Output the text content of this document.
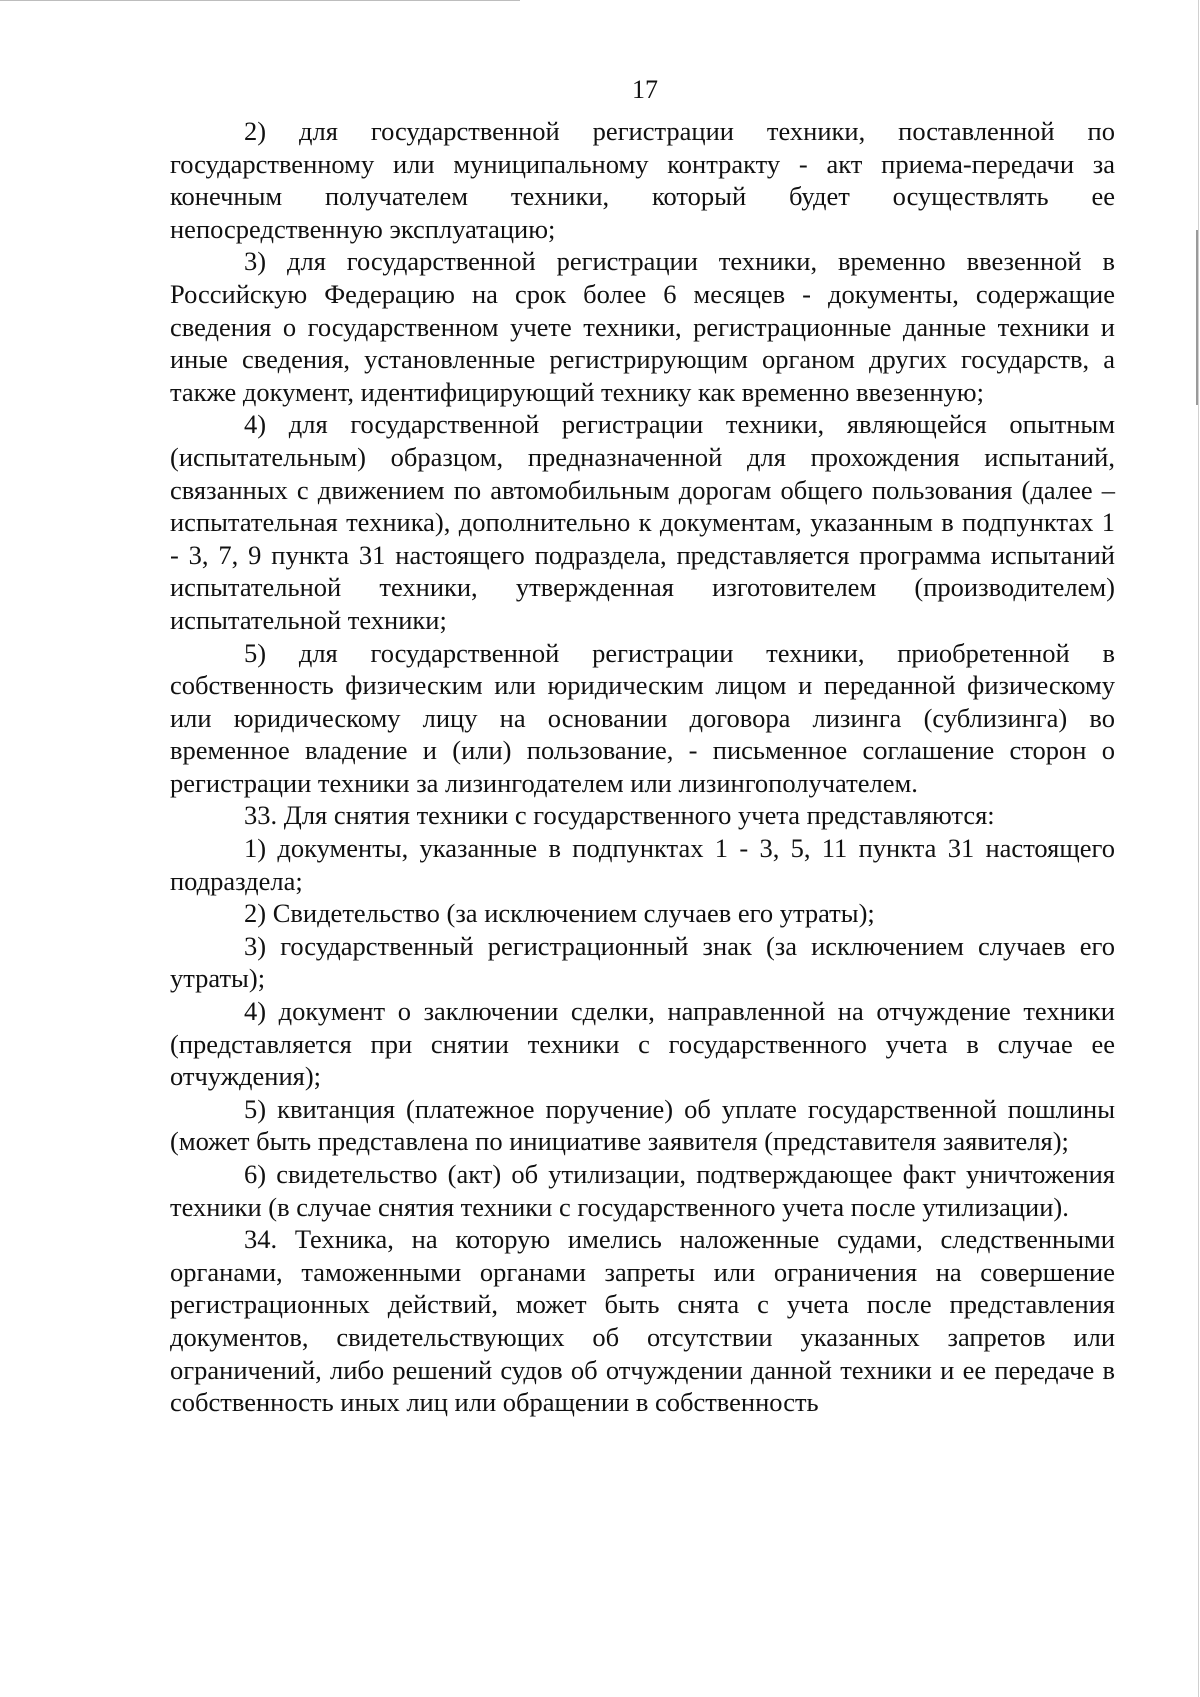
17

2) для государственной регистрации техники, поставленной по государственному или муниципальному контракту - акт приема-передачи за конечным получателем техники, который будет осуществлять ее непосредственную эксплуатацию;

3) для государственной регистрации техники, временно ввезенной в Российскую Федерацию на срок более 6 месяцев - документы, содержащие сведения о государственном учете техники, регистрационные данные техники и иные сведения, установленные регистрирующим органом других государств, а также документ, идентифицирующий технику как временно ввезенную;

4) для государственной регистрации техники, являющейся опытным (испытательным) образцом, предназначенной для прохождения испытаний, связанных с движением по автомобильным дорогам общего пользования (далее – испытательная техника), дополнительно к документам, указанным в подпунктах 1 - 3, 7, 9 пункта 31 настоящего подраздела, представляется программа испытаний испытательной техники, утвержденная изготовителем (производителем) испытательной техники;

5) для государственной регистрации техники, приобретенной в собственность физическим или юридическим лицом и переданной физическому или юридическому лицу на основании договора лизинга (сублизинга) во временное владение и (или) пользование, - письменное соглашение сторон о регистрации техники за лизингодателем или лизингополучателем.

33. Для снятия техники с государственного учета представляются:

1) документы, указанные в подпунктах 1 - 3, 5, 11 пункта 31 настоящего подраздела;

2) Свидетельство (за исключением случаев его утраты);

3) государственный регистрационный знак (за исключением случаев его утраты);

4) документ о заключении сделки, направленной на отчуждение техники (представляется при снятии техники с государственного учета в случае ее отчуждения);

5) квитанция (платежное поручение) об уплате государственной пошлины (может быть представлена по инициативе заявителя (представителя заявителя);

6) свидетельство (акт) об утилизации, подтверждающее факт уничтожения техники (в случае снятия техники с государственного учета после утилизации).

34. Техника, на которую имелись наложенные судами, следственными органами, таможенными органами запреты или ограничения на совершение регистрационных действий, может быть снята с учета после представления документов, свидетельствующих об отсутствии указанных запретов или ограничений, либо решений судов об отчуждении данной техники и ее передаче в собственность иных лиц или обращении в собственность
